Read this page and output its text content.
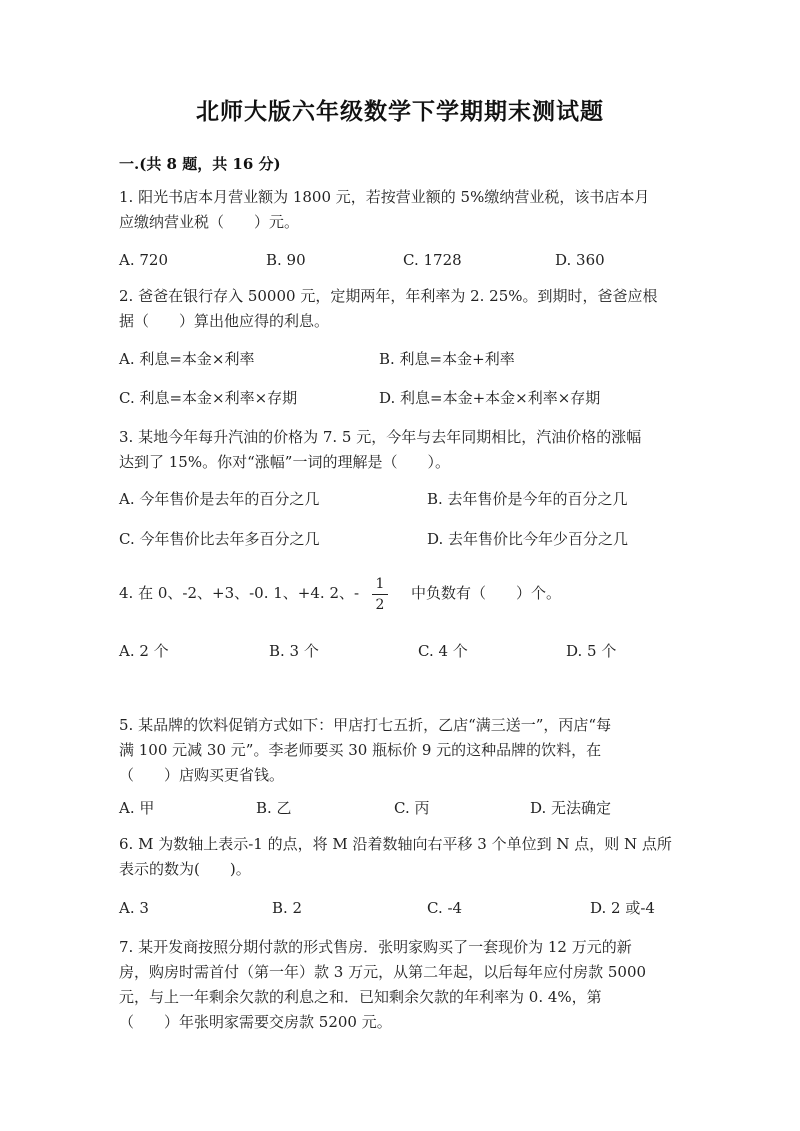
北师大版六年级数学下学期期末测试题
一.(共 8 题，共 16 分)
1. 阳光书店本月营业额为 1800 元，若按营业额的 5%缴纳营业税，该书店本月
应缴纳营业税（　　）元。
A. 720	B. 90	C. 1728	D. 360
2. 爸爸在银行存入 50000 元，定期两年，年利率为 2. 25%。到期时，爸爸应根
据（　　）算出他应得的利息。
A. 利息=本金×利率	B. 利息=本金+利率
C. 利息=本金×利率×存期	D. 利息=本金+本金×利率×存期
3. 某地今年每升汽油的价格为 7. 5 元，今年与去年同期相比，汽油价格的涨幅
达到了 15%。你对“涨幅”一词的理解是（　　）。
A. 今年售价是去年的百分之几	B. 去年售价是今年的百分之几
C. 今年售价比去年多百分之几	D. 去年售价比今年少百分之几
4. 在 0、-2、+3、-0. 1、+4. 2、-	1
2
中负数有（　　）个。
A. 2 个	B. 3 个	C. 4 个	D. 5 个
5. 某品牌的饮料促销方式如下：甲店打七五折，乙店“满三送一”，丙店“每
满 100 元减 30 元”。李老师要买 30 瓶标价 9 元的这种品牌的饮料，在
（　　）店购买更省钱。
A. 甲	B. 乙	C. 丙	D. 无法确定
6. M 为数轴上表示-1 的点，将 M 沿着数轴向右平移 3 个单位到 N 点，则 N 点所
表示的数为(　　)。
A. 3	B. 2	C. -4	D. 2 或-4
7. 某开发商按照分期付款的形式售房．张明家购买了一套现价为 12 万元的新
房，购房时需首付（第一年）款 3 万元，从第二年起，以后每年应付房款 5000
元，与上一年剩余欠款的利息之和．已知剩余欠款的年利率为 0. 4%，第
（　　）年张明家需要交房款 5200 元。
